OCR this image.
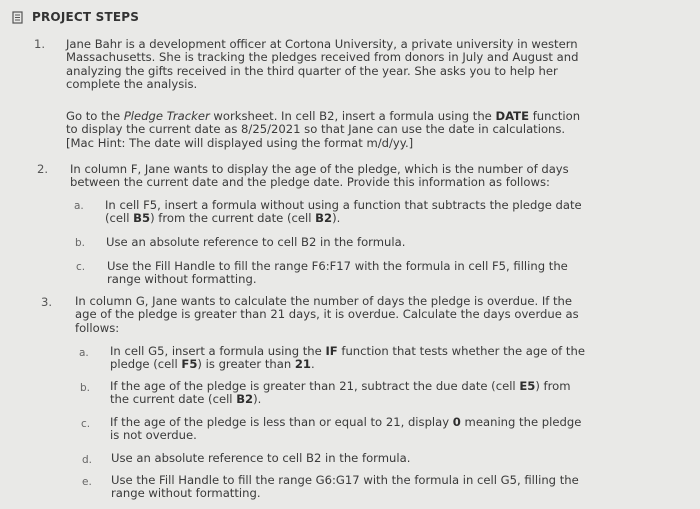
PROJECT STEPS
1. Jane Bahr is a development officer at Cortona University, a private university in western
Massachusetts. She is tracking the pledges received from donors in July and August and
analyzing the gifts received in the third quarter of the year. She asks you to help her
complete the analysis.
Go to the Pledge Tracker worksheet. In cell B2, insert a formula using the DATE function
to display the current date as 8/25/2021 so that Jane can use the date in calculations.
[Mac Hint: The date will displayed using the format m/d/yy.]
2. In column F, Jane wants to display the age of the pledge, which is the number of days
between the current date and the pledge date. Provide this information as follows:
a. In cell F5, insert a formula without using a function that subtracts the pledge date
(cell B5) from the current date (cell B2).
b. Use an absolute reference to cell B2 in the formula.
c. Use the Fill Handle to fill the range F6:F17 with the formula in cell F5, filling the
range without formatting.
3. In column G, Jane wants to calculate the number of days the pledge is overdue. If the
age of the pledge is greater than 21 days, it is overdue. Calculate the days overdue as
follows:
a. In cell G5, insert a formula using the IF function that tests whether the age of the
pledge (cell F5) is greater than 21.
b. If the age of the pledge is greater than 21, subtract the due date (cell E5) from
the current date (cell B2).
c. If the age of the pledge is less than or equal to 21, display 0 meaning the pledge
is not overdue.
d. Use an absolute reference to cell B2 in the formula.
e. Use the Fill Handle to fill the range G6:G17 with the formula in cell G5, filling the
range without formatting.
